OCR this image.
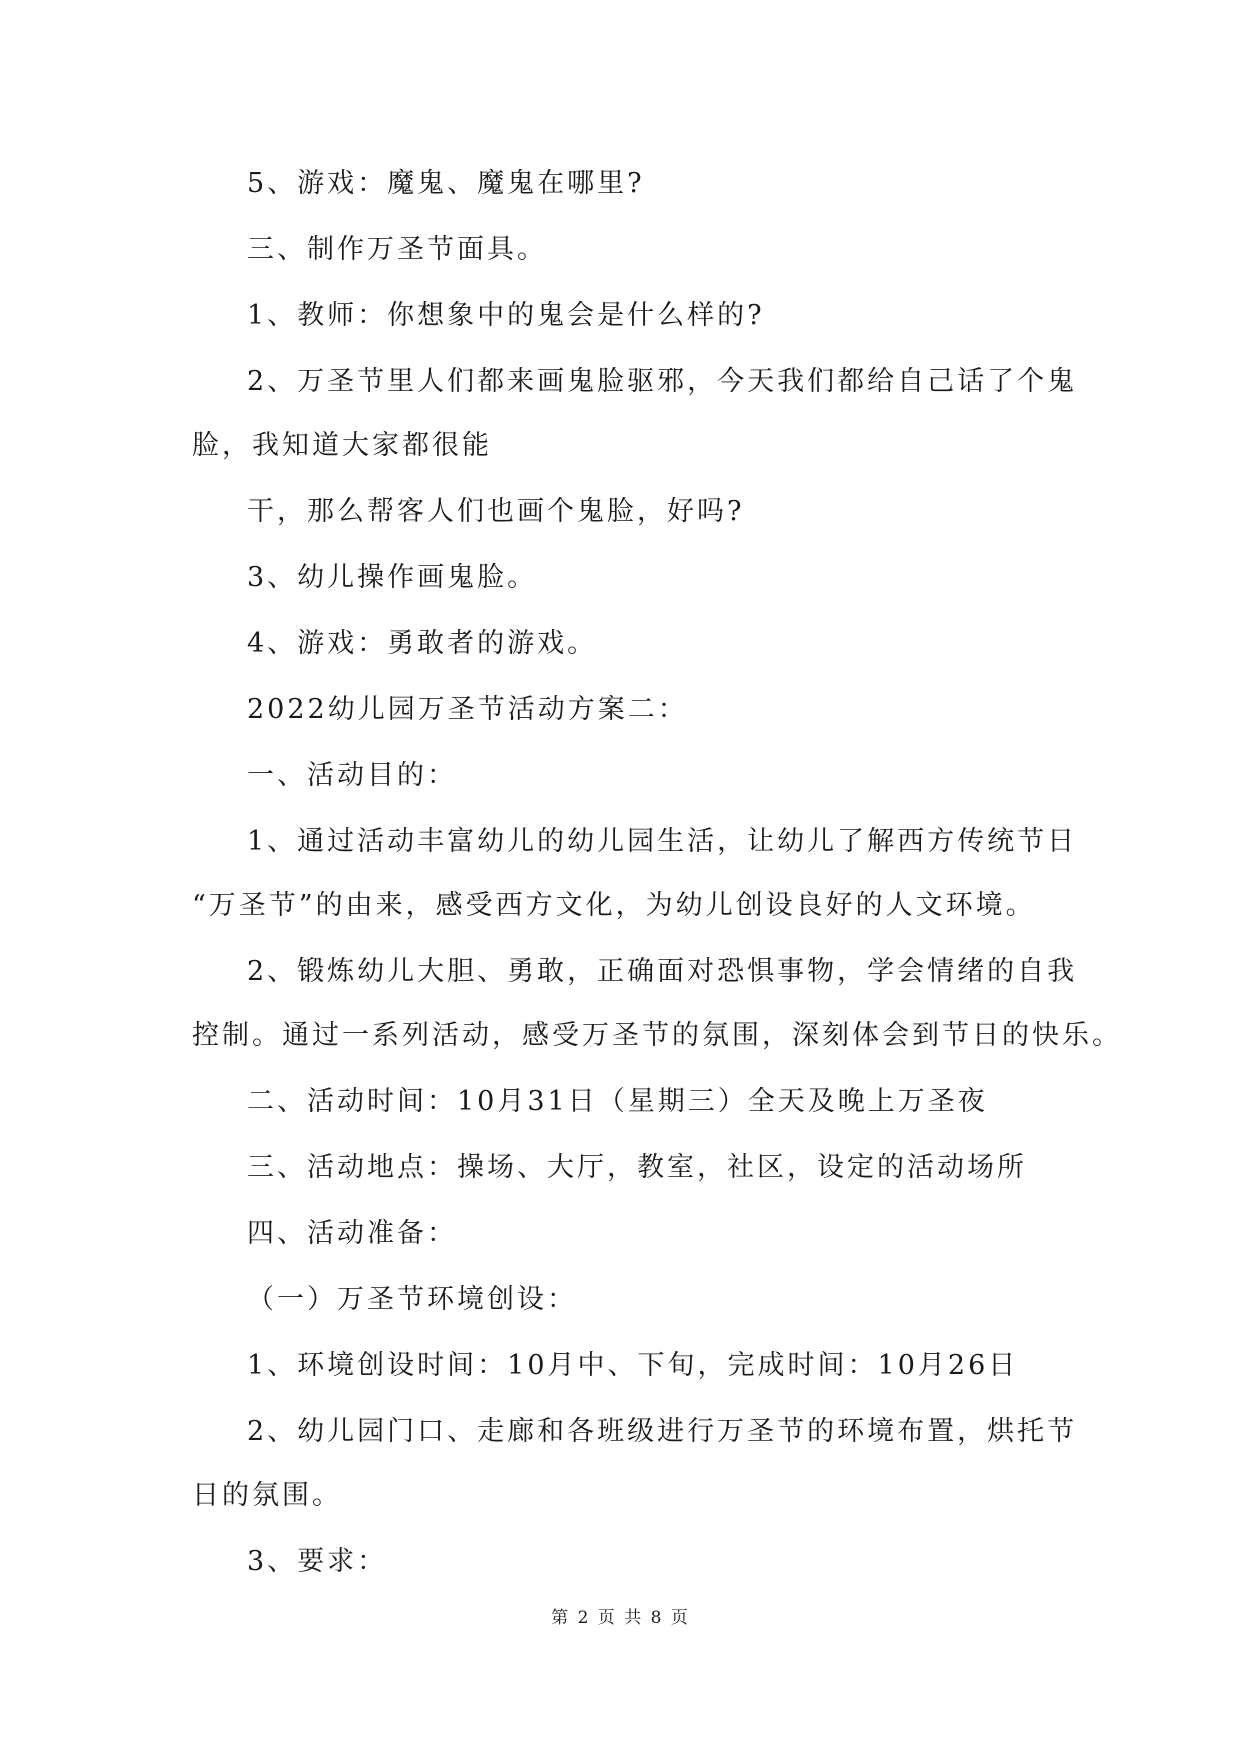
5、游戏：魔鬼、魔鬼在哪里?
三、制作万圣节面具。
1、教师：你想象中的鬼会是什么样的?
2、万圣节里人们都来画鬼脸驱邪，今天我们都给自己话了个鬼
脸，我知道大家都很能
干，那么帮客人们也画个鬼脸，好吗?
3、幼儿操作画鬼脸。
4、游戏：勇敢者的游戏。
2022幼儿园万圣节活动方案二：
一、活动目的：
1、通过活动丰富幼儿的幼儿园生活，让幼儿了解西方传统节日
“万圣节”的由来，感受西方文化，为幼儿创设良好的人文环境。
2、锻炼幼儿大胆、勇敢，正确面对恐惧事物，学会情绪的自我
控制。通过一系列活动，感受万圣节的氛围，深刻体会到节日的快乐。
二、活动时间：10月31日（星期三）全天及晚上万圣夜
三、活动地点：操场、大厅，教室，社区，设定的活动场所
四、活动准备：
（一）万圣节环境创设：
1、环境创设时间：10月中、下旬，完成时间：10月26日
2、幼儿园门口、走廊和各班级进行万圣节的环境布置，烘托节
日的氛围。
3、要求：
第 2 页 共 8 页
